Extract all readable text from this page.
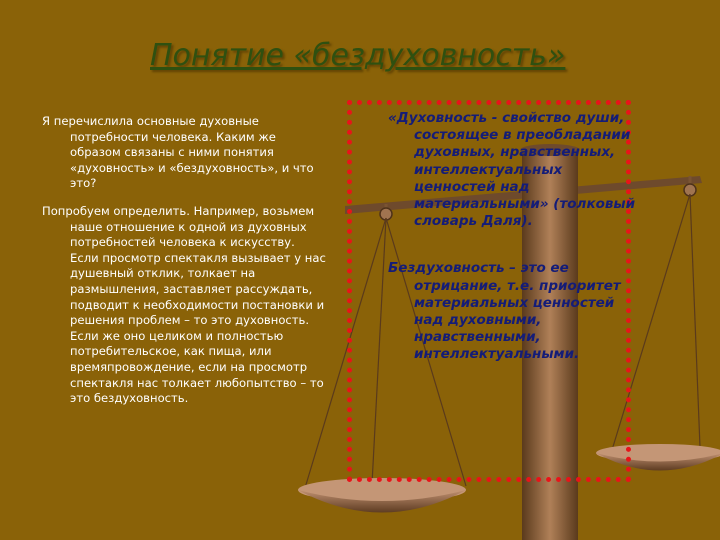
Понятие «бездуховность»

Я перечислила основные духовные потребности человека. Каким же образом связаны с ними понятия «духовность» и «бездуховность», и что это?

Попробуем определить. Например, возьмем наше отношение к одной из духовных потребностей человека к искусству. Если просмотр спектакля вызывает у нас душевный отклик, толкает на размышления, заставляет рассуждать, подводит к необходимости постановки и решения проблем – то это духовность. Если же оно целиком и полностью потребительское, как пища, или времяпровождение, если на просмотр спектакля нас толкает любопытство – то это бездуховность.

«Духовность - свойство души, состоящее в преобладании духовных, нравственных, интеллектуальных ценностей над материальными» (толковый словарь Даля).

Бездуховность – это ее отрицание, т.е. приоритет материальных ценностей над духовными, нравственными, интеллектуальными.
